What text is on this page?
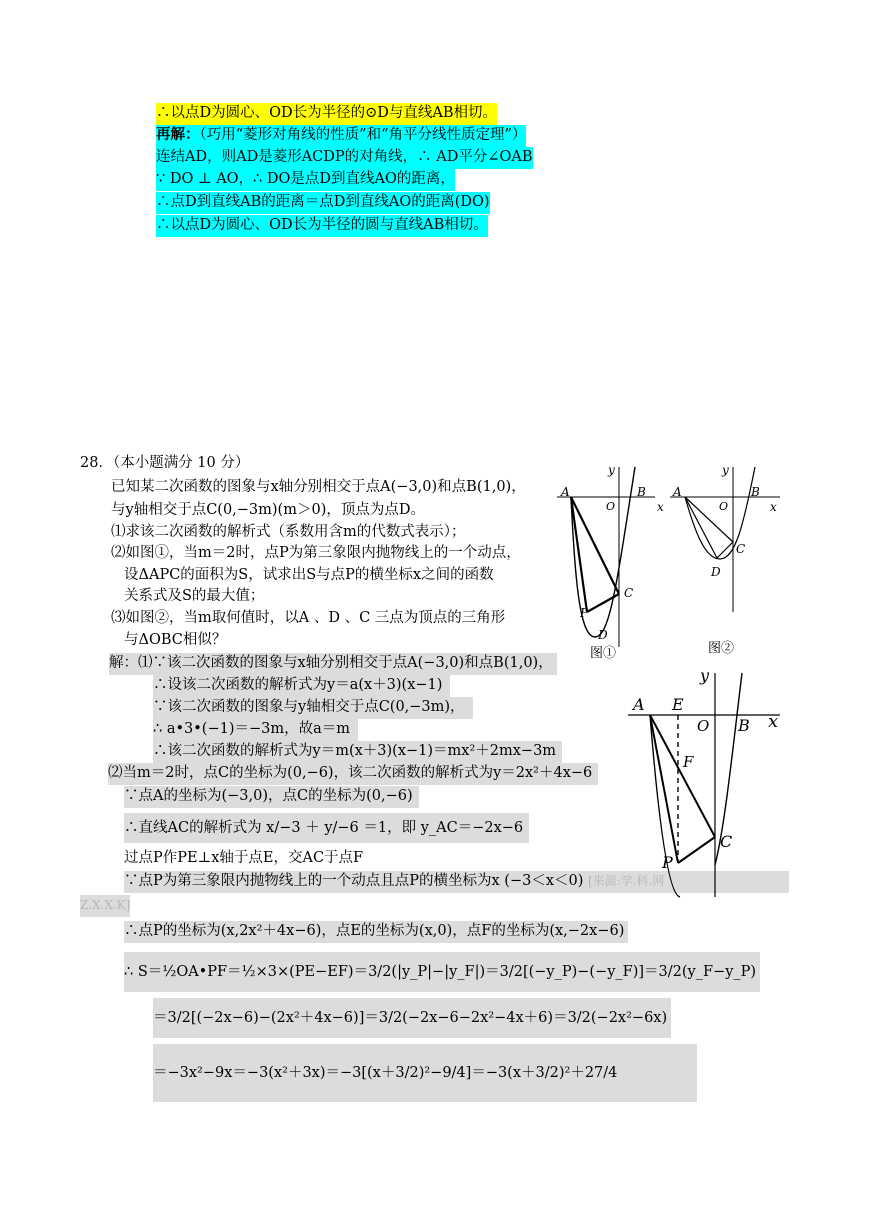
∴以点D为圆心、OD长为半径的⊙D与直线AB相切。
再解：（巧用“菱形对角线的性质”和“角平分线性质定理”）
连结AD，则AD是菱形ACDP的对角线，∴ AD平分∠OAB
∵ DO ⊥ AO，∴ DO是点D到直线AO的距离，
∴点D到直线AB的距离＝点D到直线AO的距离(DO)
∴以点D为圆心、OD长为半径的圆与直线AB相切。
28．（本小题满分 10 分）
已知某二次函数的图象与x轴分别相交于点A(−3,0)和点B(1,0)，
与y轴相交于点C(0,−3m)(m＞0)，顶点为点D。
⑴求该二次函数的解析式（系数用含m的代数式表示）；
⑵如图①，当m＝2时，点P为第三象限内抛物线上的一个动点，
设ΔAPC的面积为S，试求出S与点P的横坐标x之间的函数
关系式及S的最大值；
⑶如图②，当m取何值时，以A 、D 、C 三点为顶点的三角形
与ΔOBC相似？
A	B
O	x
y
C
P
D
图①
A	B
O	x
y
C
D
图②
解：⑴∵该二次函数的图象与x轴分别相交于点A(−3,0)和点B(1,0)，
∴设该二次函数的解析式为y＝a(x＋3)(x−1)
∵该二次函数的图象与y轴相交于点C(0,−3m)，
∴ a•3•(−1)＝−3m，故a＝m
∴该二次函数的解析式为y＝m(x＋3)(x−1)＝mx²＋2mx−3m
⑵当m＝2时，点C的坐标为(0,−6)，该二次函数的解析式为y＝2x²＋4x−6
∵点A的坐标为(−3,0)，点C的坐标为(0,−6)
∴直线AC的解析式为 x/−3 ＋ y/−6 ＝1，即 y_AC＝−2x−6
过点P作PE⊥x轴于点E，交AC于点F
∵点P为第三象限内抛物线上的一个动点且点P的横坐标为x (−3＜x＜0) [来源:学.科.网
Z.X.X.K]
∴点P的坐标为(x,2x²＋4x−6)，点E的坐标为(x,0)，点F的坐标为(x,−2x−6)
∴ S＝½OA•PF＝½×3×(PE−EF)＝3/2(|y_P|−|y_F|)＝3/2[(−y_P)−(−y_F)]＝3/2(y_F−y_P)
＝3/2[(−2x−6)−(2x²＋4x−6)]＝3/2(−2x−6−2x²−4x＋6)＝3/2(−2x²−6x)
＝−3x²−9x＝−3(x²＋3x)＝−3[(x＋3/2)²−9/4]＝−3(x＋3/2)²＋27/4
A E
O B x
y
F
C
P
